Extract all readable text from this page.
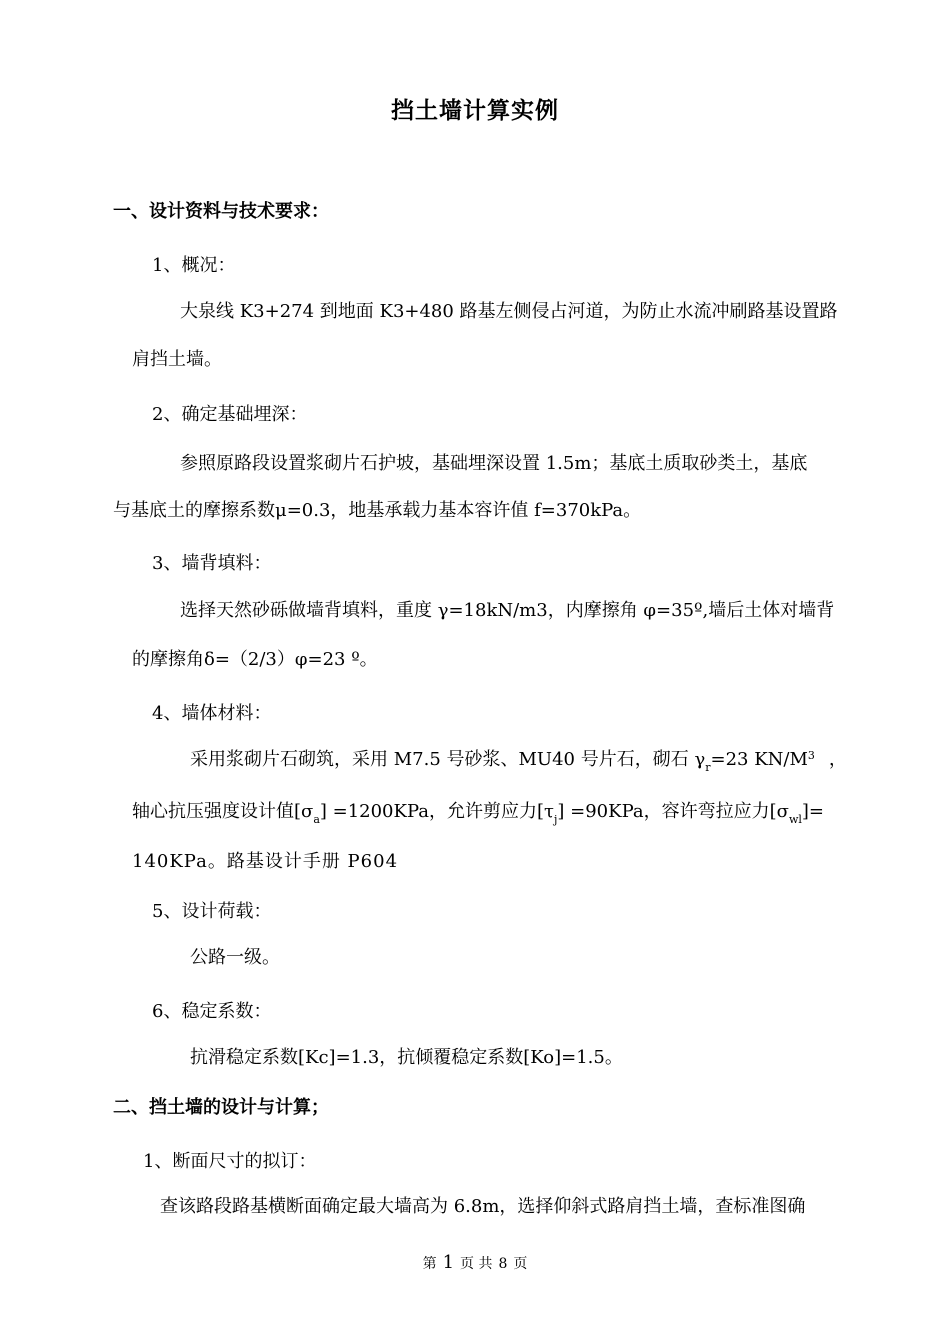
挡土墙计算实例
一、设计资料与技术要求：
1、概况：
大泉线 K3+274 到地面 K3+480 路基左侧侵占河道，为防止水流冲刷路基设置路
肩挡土墙。
2、确定基础埋深：
参照原路段设置浆砌片石护坡，基础埋深设置 1.5m；基底土质取砂类土，基底
与基底土的摩擦系数μ=0.3，地基承载力基本容许值 f=370kPa。
3、墙背填料：
选择天然砂砾做墙背填料，重度 γ=18kN/m3，内摩擦角 φ=35º,墙后土体对墙背
的摩擦角δ=（2/3）φ=23 º。
4、墙体材料：
采用浆砌片石砌筑，采用 M7.5 号砂浆、MU40 号片石，砌石 $\gamma_r=23$ $KN/M^3$ ，
轴心抗压强度设计值$[\sigma_a] =1200KPa$，允许剪应力$[\tau_j] =90KPa$，容许弯拉应力$[\sigma_{wl}]=$
140KPa。路基设计手册 P604
5、设计荷载：
公路一级。
6、稳定系数：
抗滑稳定系数[Kc]=1.3，抗倾覆稳定系数[Ko]=1.5。
二、挡土墙的设计与计算；
1、断面尺寸的拟订：
查该路段路基横断面确定最大墙高为 6.8m，选择仰斜式路肩挡土墙，查标准图确
第 1 页 共 8 页
